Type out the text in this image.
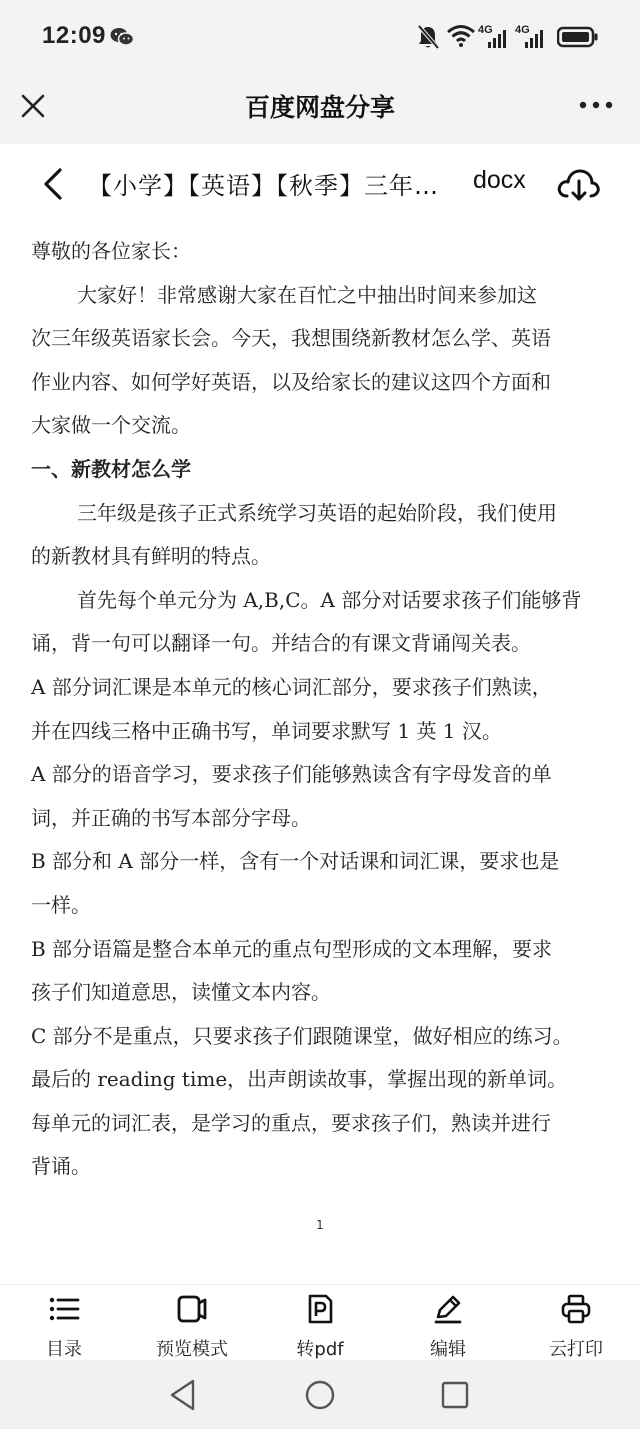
12:09	4G 4G
百度网盘分享
【小学】【英语】【秋季】三年…	docx
尊敬的各位家长：
大家好！非常感谢大家在百忙之中抽出时间来参加这
次三年级英语家长会。今天，我想围绕新教材怎么学、英语
作业内容、如何学好英语，以及给家长的建议这四个方面和
大家做一个交流。
一、新教材怎么学
三年级是孩子正式系统学习英语的起始阶段，我们使用
的新教材具有鲜明的特点。
首先每个单元分为 A,B,C。A 部分对话要求孩子们能够背
诵，背一句可以翻译一句。并结合的有课文背诵闯关表。
A 部分词汇课是本单元的核心词汇部分，要求孩子们熟读，
并在四线三格中正确书写，单词要求默写 1 英 1 汉。
A 部分的语音学习，要求孩子们能够熟读含有字母发音的单
词，并正确的书写本部分字母。
B 部分和 A 部分一样，含有一个对话课和词汇课，要求也是
一样。
B 部分语篇是整合本单元的重点句型形成的文本理解，要求
孩子们知道意思，读懂文本内容。
C 部分不是重点，只要求孩子们跟随课堂，做好相应的练习。
最后的 reading time，出声朗读故事，掌握出现的新单词。
每单元的词汇表，是学习的重点，要求孩子们，熟读并进行
背诵。
1
目录	预览模式	转pdf	编辑	云打印
